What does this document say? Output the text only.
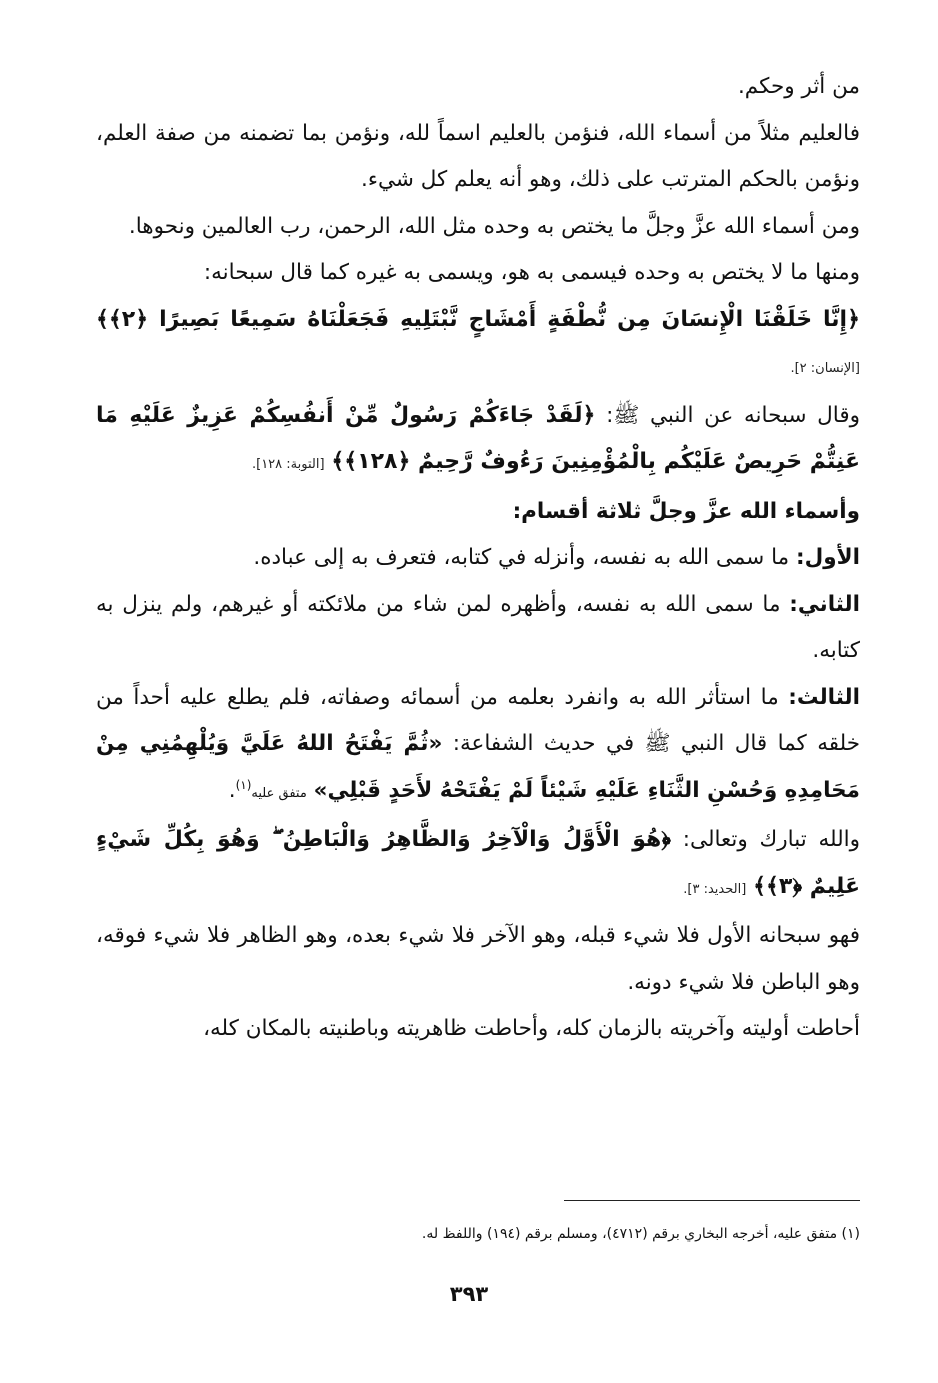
من أثر وحكم.

فالعليم مثلاً من أسماء الله، فنؤمن بالعليم اسماً لله، ونؤمن بما تضمنه من صفة العلم، ونؤمن بالحكم المترتب على ذلك، وهو أنه يعلم كل شيء.

ومن أسماء الله عزَّ وجلَّ ما يختص به وحده مثل الله، الرحمن، رب العالمين ونحوها.

ومنها ما لا يختص به وحده فيسمى به هو، ويسمى به غيره كما قال سبحانه:

﴿إِنَّا خَلَقْنَا الْإِنسَانَ مِن نُّطْفَةٍ أَمْشَاجٍ نَّبْتَلِيهِ فَجَعَلْنَاهُ سَمِيعًا بَصِيرًا ﴿٢﴾﴾ [الإنسان: ٢].

وقال سبحانه عن النبي ﷺ: ﴿لَقَدْ جَاءَكُمْ رَسُولٌ مِّنْ أَنفُسِكُمْ عَزِيزٌ عَلَيْهِ مَا عَنِتُّمْ حَرِيصٌ عَلَيْكُم بِالْمُؤْمِنِينَ رَءُوفٌ رَّحِيمٌ ﴿١٢٨﴾﴾ [التوبة: ١٢٨].

وأسماء الله عزَّ وجلَّ ثلاثة أقسام:

الأول: ما سمى الله به نفسه، وأنزله في كتابه، فتعرف به إلى عباده.

الثاني: ما سمى الله به نفسه، وأظهره لمن شاء من ملائكته أو غيرهم، ولم ينزل به كتابه.

الثالث: ما استأثر الله به وانفرد بعلمه من أسمائه وصفاته، فلم يطلع عليه أحداً من خلقه كما قال النبي ﷺ في حديث الشفاعة: «ثُمَّ يَفْتَحُ اللهُ عَلَيَّ وَيُلْهِمُنِي مِنْ مَحَامِدِهِ وَحُسْنِ الثَّنَاءِ عَلَيْهِ شَيْئاً لَمْ يَفْتَحْهُ لأَحَدٍ قَبْلِي» متفق عليه$^{(١)}$.

والله تبارك وتعالى: ﴿هُوَ الْأَوَّلُ وَالْآخِرُ وَالظَّاهِرُ وَالْبَاطِنُ ۖ وَهُوَ بِكُلِّ شَيْءٍ عَلِيمٌ ﴿٣﴾﴾ [الحديد: ٣].

فهو سبحانه الأول فلا شيء قبله، وهو الآخر فلا شيء بعده، وهو الظاهر فلا شيء فوقه، وهو الباطن فلا شيء دونه.

أحاطت أوليته وآخريته بالزمان كله، وأحاطت ظاهريته وباطنيته بالمكان كله،

(١) متفق عليه، أخرجه البخاري برقم (٤٧١٢)، ومسلم برقم (١٩٤) واللفظ له.
٣٩٣
